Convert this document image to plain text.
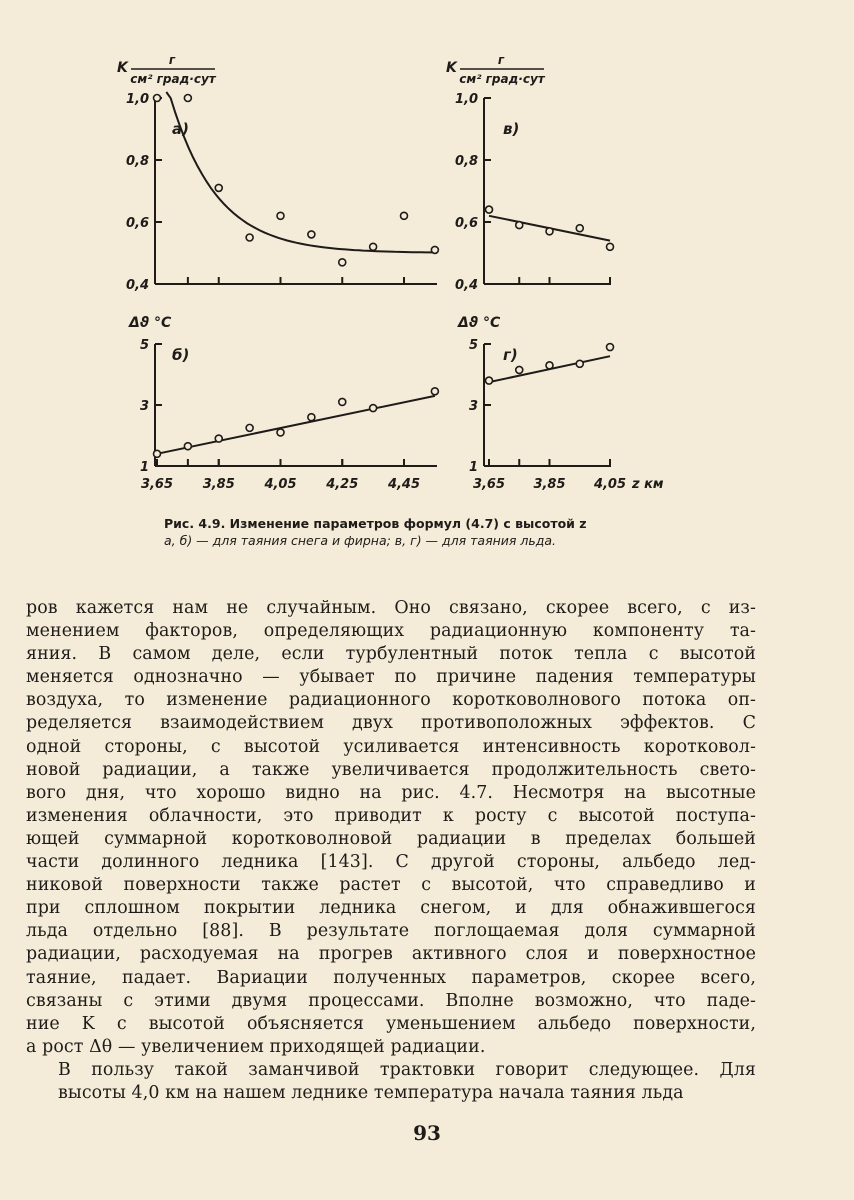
1,0
0,8
0,6
0,4
а)
K	г
см² град·сут
1,0
0,8
0,6
0,4
в)
K	г
см² град·сут
5
3
1
3,65 3,85 4,05 4,25 4,45
б)
Δϑ °C
5
3
1
3,65 3,85 4,05
г)
Δϑ °C
z км
Рис. 4.9. Изменение параметров формул (4.7) с высотой z

а, б) — для таяния снега и фирна; в, г) — для таяния льда.

ров кажется нам не случайным. Оно связано, скорее всего, с из-
менением факторов, определяющих радиационную компоненту та-
яния. В самом деле, если турбулентный поток тепла с высотой
меняется однозначно — убывает по причине падения температуры
воздуха, то изменение радиационного коротковолнового потока оп-
ределяется взаимодействием двух противоположных эффектов. С
одной стороны, с высотой усиливается интенсивность коротковол-
новой радиации, а также увеличивается продолжительность свето-
вого дня, что хорошо видно на рис. 4.7. Несмотря на высотные
изменения облачности, это приводит к росту с высотой поступа-
ющей суммарной коротковолновой радиации в пределах большей
части долинного ледника [143]. С другой стороны, альбедо лед-
никовой поверхности также растет с высотой, что справедливо и
при сплошном покрытии ледника снегом, и для обнажившегося
льда отдельно [88]. В результате поглощаемая доля суммарной
радиации, расходуемая на прогрев активного слоя и поверхностное
таяние, падает. Вариации полученных параметров, скорее всего,
связаны с этими двумя процессами. Вполне возможно, что паде-
ние K с высотой объясняется уменьшением альбедо поверхности,
а рост Δθ — увеличением приходящей радиации.

В пользу такой заманчивой трактовки говорит следующее. Для
высоты 4,0 км на нашем леднике температура начала таяния льда

93
